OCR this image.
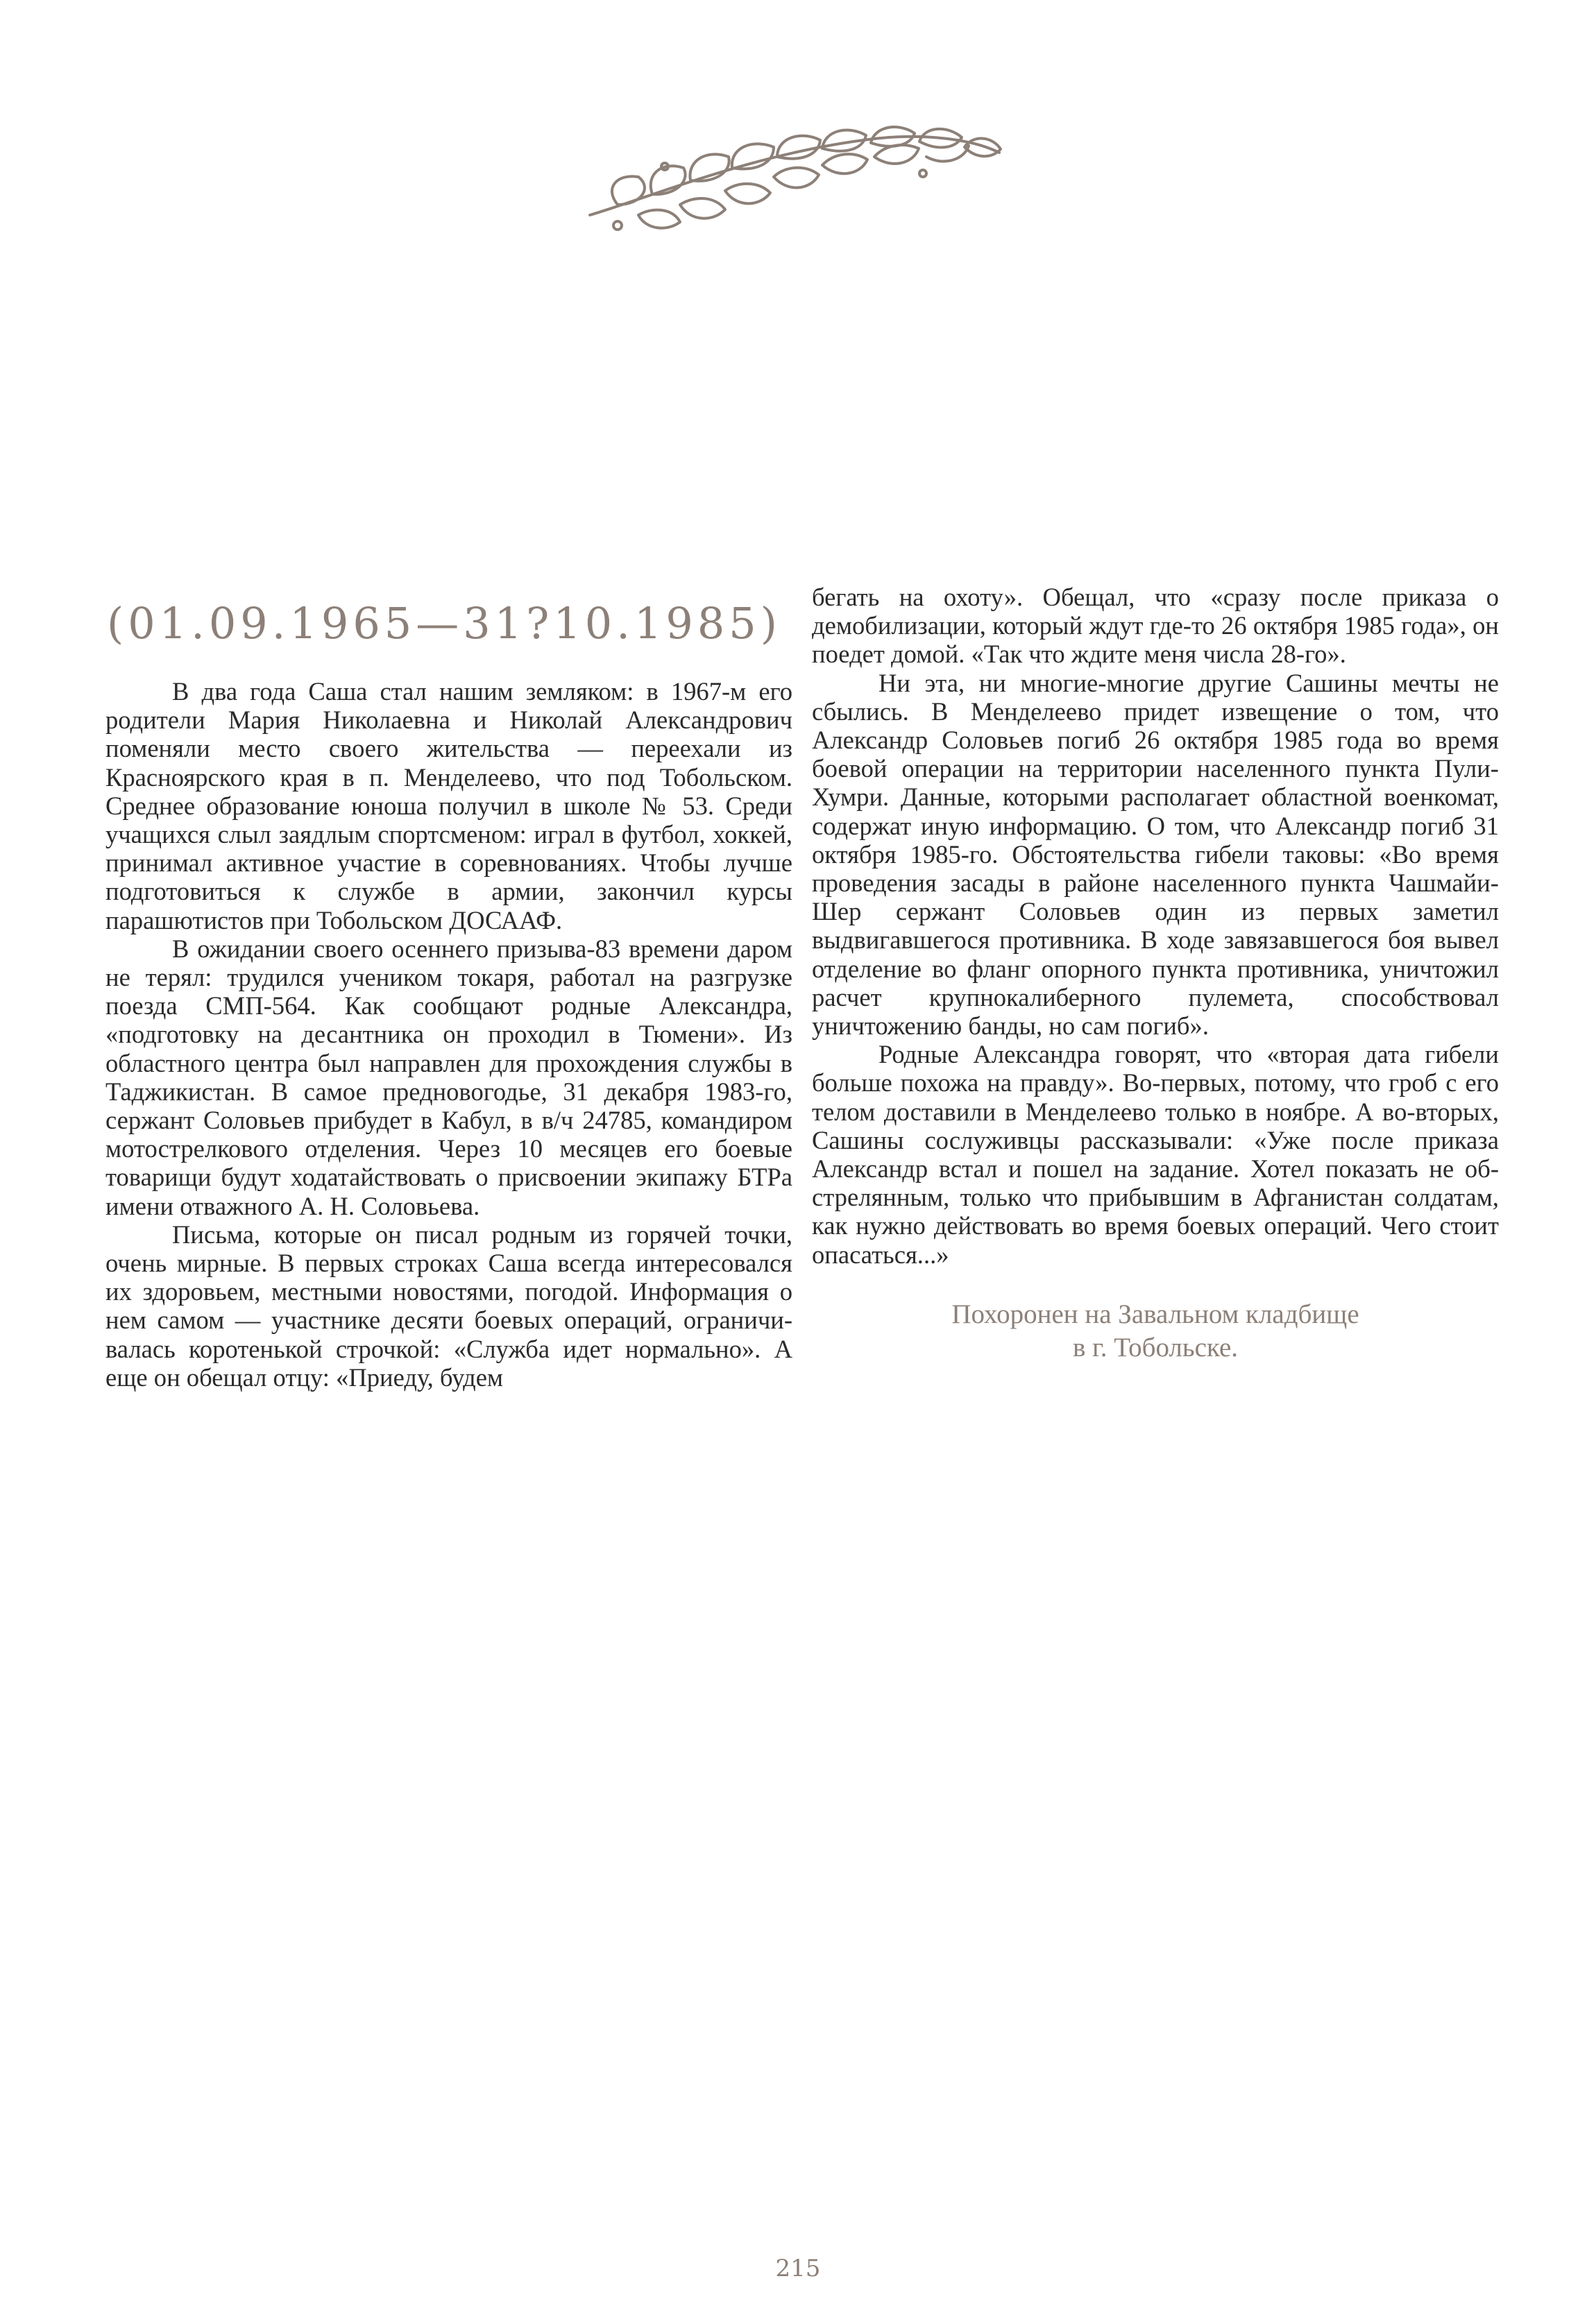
(01.09.1965—31?10.1985)

В два года Саша стал нашим земляком: в 1967-м его родители Мария Николаевна и Николай Александрович поменяли место своего жительства — переехали из Красноярского края в п. Менделеево, что под Тобольском. Среднее образование юноша получил в школе № 53. Среди учащихся слыл заядлым спортсменом: играл в футбол, хоккей, принимал активное участие в соревнованиях. Чтобы лучше подготовиться к службе в армии, закончил курсы парашютистов при Тобольском ДОСААФ.

В ожидании своего осеннего призыва-83 времени даром не терял: трудился учеником токаря, работал на разгрузке поезда СМП-564. Как сообщают родные Александра, «подготовку на десантника он проходил в Тюмени». Из областного центра был направлен для прохождения службы в Таджикистан. В самое предновогодье, 31 декабря 1983-го, сержант Соловьев прибудет в Кабул, в в/ч 24785, командиром мотострелкового отделения. Через 10 месяцев его боевые товарищи будут ходатайствовать о присвоении экипажу БТРа имени отважного А. Н. Соловьева.

Письма, которые он писал родным из горячей точки, очень мирные. В первых строках Саша всегда интересовался их здоровьем, местными новостями, погодой. Информация о нем самом — участнике десяти боевых операций, ограничивалась коротенькой строчкой: «Служба идет нормально». А еще он обещал отцу: «Приеду, будем

бегать на охоту». Обещал, что «сразу после приказа о демобилизации, который ждут где-то 26 октября 1985 года», он поедет домой. «Так что ждите меня числа 28-го».

Ни эта, ни многие-многие другие Сашины мечты не сбылись. В Менделеево придет извещение о том, что Александр Соловьев погиб 26 октября 1985 года во время боевой операции на территории населенного пункта Пули-Хумри. Данные, которыми располагает областной военкомат, содержат иную информацию. О том, что Александр погиб 31 октября 1985-го. Обстоятельства гибели таковы: «Во время проведения засады в районе населенного пункта Чашмайи-Шер сержант Соловьев один из первых заметил выдвигавшегося противника. В ходе завязавшегося боя вывел отделение во фланг опорного пункта противника, уничтожил расчет крупнокалиберного пулемета, способствовал уничтожению банды, но сам погиб».

Родные Александра говорят, что «вторая дата гибели больше похожа на правду». Во-первых, потому, что гроб с его телом доставили в Менделеево только в ноябре. А во-вторых, Сашины сослуживцы рассказывали: «Уже после приказа Александр встал и пошел на задание. Хотел показать не обстрелянным, только что прибывшим в Афганистан солдатам, как нужно действовать во время боевых операций. Чего стоит опасаться...»

Похоронен на Завальном кладбище
в г. Тобольске.
215
